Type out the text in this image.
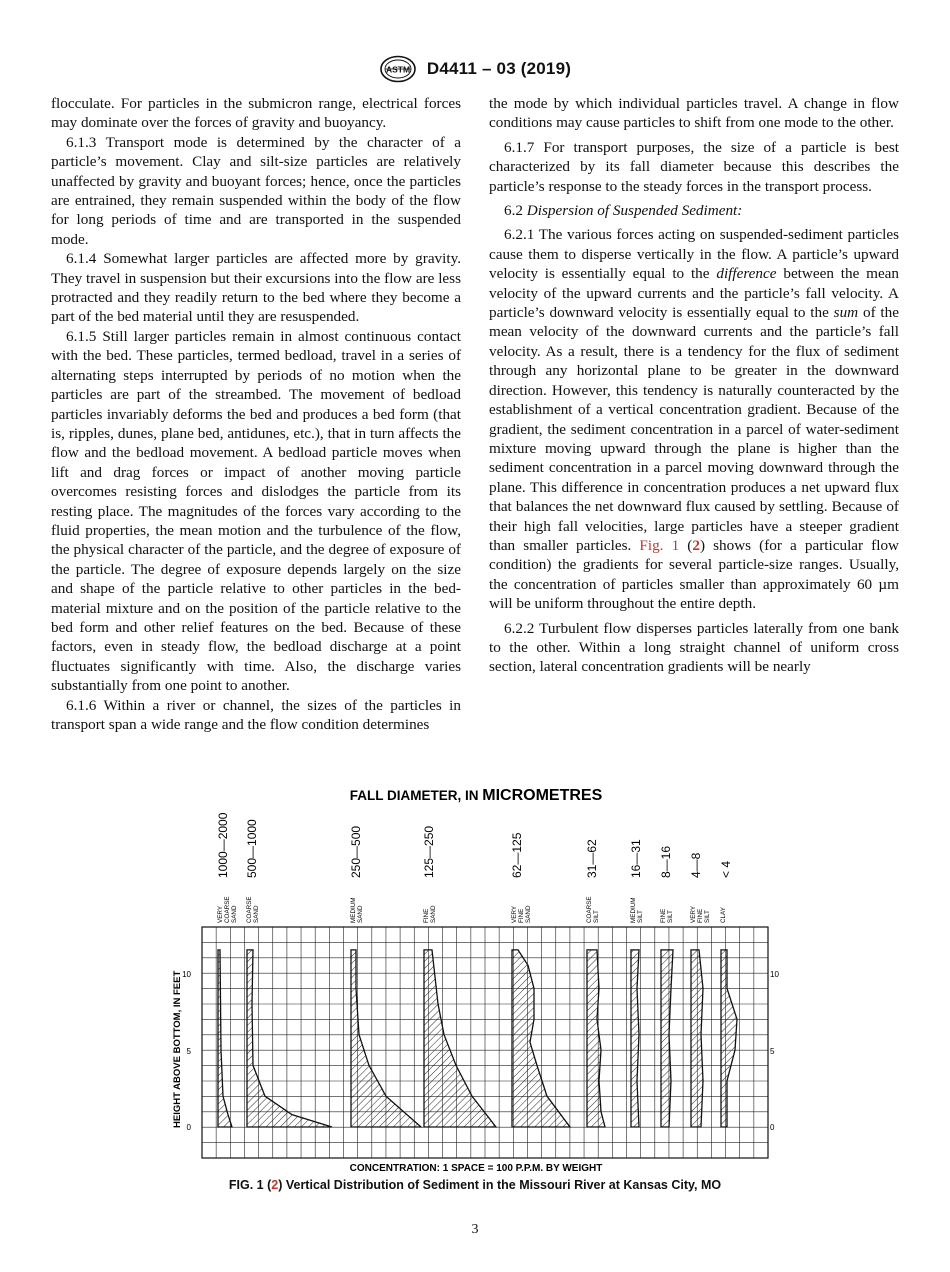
ASTM D4411 – 03 (2019)

flocculate. For particles in the submicron range, electrical forces may dominate over the forces of gravity and buoyancy.

6.1.3 Transport mode is determined by the character of a particle’s movement. Clay and silt-size particles are relatively unaffected by gravity and buoyant forces; hence, once the particles are entrained, they remain suspended within the body of the flow for long periods of time and are transported in the suspended mode.

6.1.4 Somewhat larger particles are affected more by gravity. They travel in suspension but their excursions into the flow are less protracted and they readily return to the bed where they become a part of the bed material until they are resuspended.

6.1.5 Still larger particles remain in almost continuous contact with the bed. These particles, termed bedload, travel in a series of alternating steps interrupted by periods of no motion when the particles are part of the streambed. The movement of bedload particles invariably deforms the bed and produces a bed form (that is, ripples, dunes, plane bed, antidunes, etc.), that in turn affects the flow and the bedload movement. A bedload particle moves when lift and drag forces or impact of another moving particle overcomes resisting forces and dislodges the particle from its resting place. The magnitudes of the forces vary according to the fluid properties, the mean motion and the turbulence of the flow, the physical character of the particle, and the degree of exposure of the particle. The degree of exposure depends largely on the size and shape of the particle relative to other particles in the bed-material mixture and on the position of the particle relative to the bed form and other relief features on the bed. Because of these factors, even in steady flow, the bedload discharge at a point fluctuates significantly with time. Also, the discharge varies substantially from one point to another.

6.1.6 Within a river or channel, the sizes of the particles in transport span a wide range and the flow condition determines

the mode by which individual particles travel. A change in flow conditions may cause particles to shift from one mode to the other.

6.1.7 For transport purposes, the size of a particle is best characterized by its fall diameter because this describes the particle’s response to the steady forces in the transport process.

6.2 Dispersion of Suspended Sediment:

6.2.1 The various forces acting on suspended-sediment particles cause them to disperse vertically in the flow. A particle’s upward velocity is essentially equal to the difference between the mean velocity of the upward currents and the particle’s fall velocity. A particle’s downward velocity is essentially equal to the sum of the mean velocity of the downward currents and the particle’s fall velocity. As a result, there is a tendency for the flux of sediment through any horizontal plane to be greater in the downward direction. However, this tendency is naturally counteracted by the establishment of a vertical concentration gradient. Because of the gradient, the sediment concentration in a parcel of water-sediment mixture moving upward through the plane is higher than the sediment concentration in a parcel moving downward through the plane. This difference in concentration produces a net upward flux that balances the net downward flux caused by settling. Because of their high fall velocities, large particles have a steeper gradient than smaller particles. Fig. 1 (2) shows (for a particular flow condition) the gradients for several particle-size ranges. Usually, the concentration of particles smaller than approximately 60 µm will be uniform throughout the entire depth.

6.2.2 Turbulent flow disperses particles laterally from one bank to the other. Within a long straight channel of uniform cross section, lateral concentration gradients will be nearly

FALL DIAMETER, IN MICROMETRES
1000—2000 500—1000	250—500	125—250	62—125	31—62	16—31 8—16 4—8 < 4
VERY COARSE SAND COARSE SAND	MEDIUM SAND	FINE SAND	VERY FINE SAND	COARSE SILT	MEDIUM SILT	FINE SILT	VERY FINE SILT CLAY
HEIGHT ABOVE BOTTOM, IN FEET 10
5
0
10
5
0
CONCENTRATION: 1 SPACE = 100 P.P.M. BY WEIGHT
FIG. 1 (2) Vertical Distribution of Sediment in the Missouri River at Kansas City, MO
3
